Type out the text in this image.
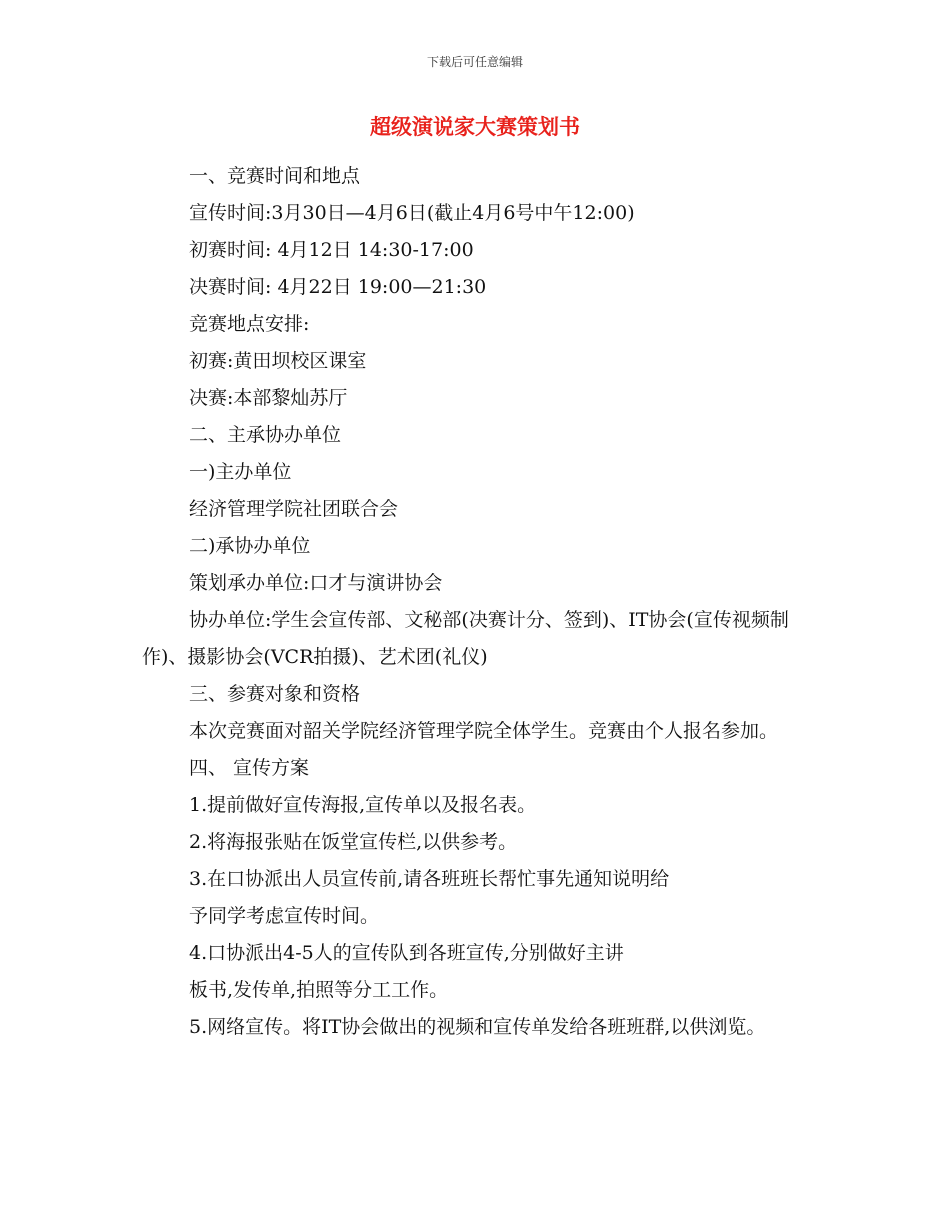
下载后可任意编辑
超级演说家大赛策划书

一、竞赛时间和地点

宣传时间:3月30日—4月6日(截止4月6号中午12:00)

初赛时间: 4月12日 14:30-17:00

决赛时间: 4月22日 19:00—21:30

竞赛地点安排:

初赛:黄田坝校区课室

决赛:本部黎灿苏厅

二、主承协办单位

一)主办单位

经济管理学院社团联合会

二)承协办单位

策划承办单位:口才与演讲协会

协办单位:学生会宣传部、文秘部(决赛计分、签到)、IT协会(宣传视频制作)、摄影协会(VCR拍摄)、艺术团(礼仪)

三、参赛对象和资格

本次竞赛面对韶关学院经济管理学院全体学生。竞赛由个人报名参加。

四、 宣传方案

1.提前做好宣传海报,宣传单以及报名表。

2.将海报张贴在饭堂宣传栏,以供参考。

3.在口协派出人员宣传前,请各班班长帮忙事先通知说明给

予同学考虑宣传时间。

4.口协派出4-5人的宣传队到各班宣传,分别做好主讲

板书,发传单,拍照等分工工作。

5.网络宣传。将IT协会做出的视频和宣传单发给各班班群,以供浏览。
